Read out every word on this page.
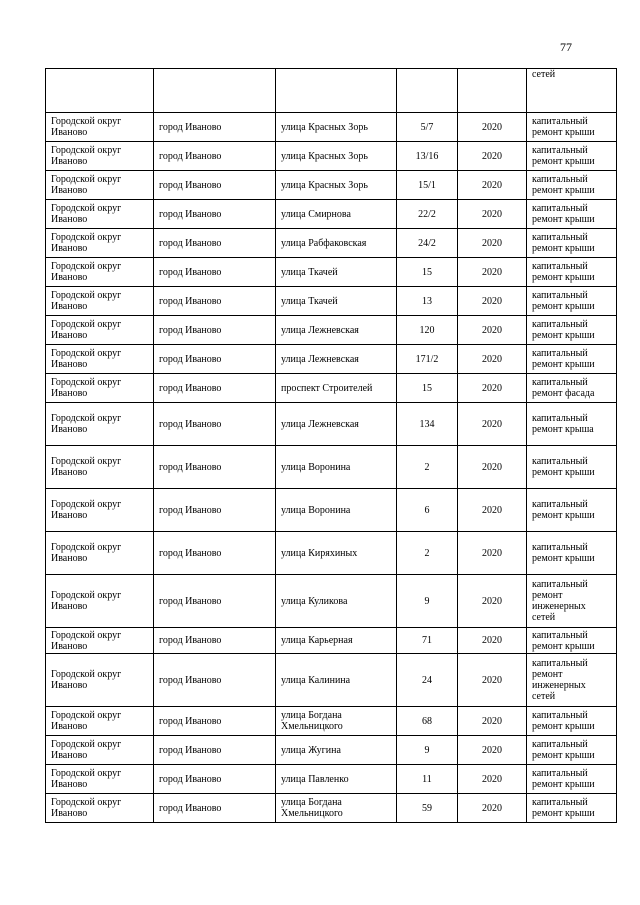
77
					сетей
Городской округ Иваново	город Иваново	улица Красных Зорь	5/7	2020	капитальный ремонт крыши
Городской округ Иваново	город Иваново	улица Красных Зорь	13/16	2020	капитальный ремонт крыши
Городской округ Иваново	город Иваново	улица Красных Зорь	15/1	2020	капитальный ремонт крыши
Городской округ Иваново	город Иваново	улица Смирнова	22/2	2020	капитальный ремонт крыши
Городской округ Иваново	город Иваново	улица Рабфаковская	24/2	2020	капитальный ремонт крыши
Городской округ Иваново	город Иваново	улица Ткачей	15	2020	капитальный ремонт крыши
Городской округ Иваново	город Иваново	улица Ткачей	13	2020	капитальный ремонт крыши
Городской округ Иваново	город Иваново	улица Лежневская	120	2020	капитальный ремонт крыши
Городской округ Иваново	город Иваново	улица Лежневская	171/2	2020	капитальный ремонт крыши
Городской округ Иваново	город Иваново	проспект Строителей	15	2020	капитальный ремонт фасада
Городской округ Иваново	город Иваново	улица Лежневская	134	2020	капитальный ремонт крыша
Городской округ Иваново	город Иваново	улица Воронина	2	2020	капитальный ремонт крыши
Городской округ Иваново	город Иваново	улица Воронина	6	2020	капитальный ремонт крыши
Городской округ Иваново	город Иваново	улица Киряхиных	2	2020	капитальный ремонт крыши
Городской округ Иваново	город Иваново	улица Куликова	9	2020	капитальный ремонт инженерных сетей
Городской округ Иваново	город Иваново	улица Карьерная	71	2020	капитальный ремонт крыши
Городской округ Иваново	город Иваново	улица Калинина	24	2020	капитальный ремонт инженерных сетей
Городской округ Иваново	город Иваново	улица Богдана Хмельницкого	68	2020	капитальный ремонт крыши
Городской округ Иваново	город Иваново	улица Жугина	9	2020	капитальный ремонт крыши
Городской округ Иваново	город Иваново	улица Павленко	11	2020	капитальный ремонт крыши
Городской округ Иваново	город Иваново	улица Богдана Хмельницкого	59	2020	капитальный ремонт крыши
